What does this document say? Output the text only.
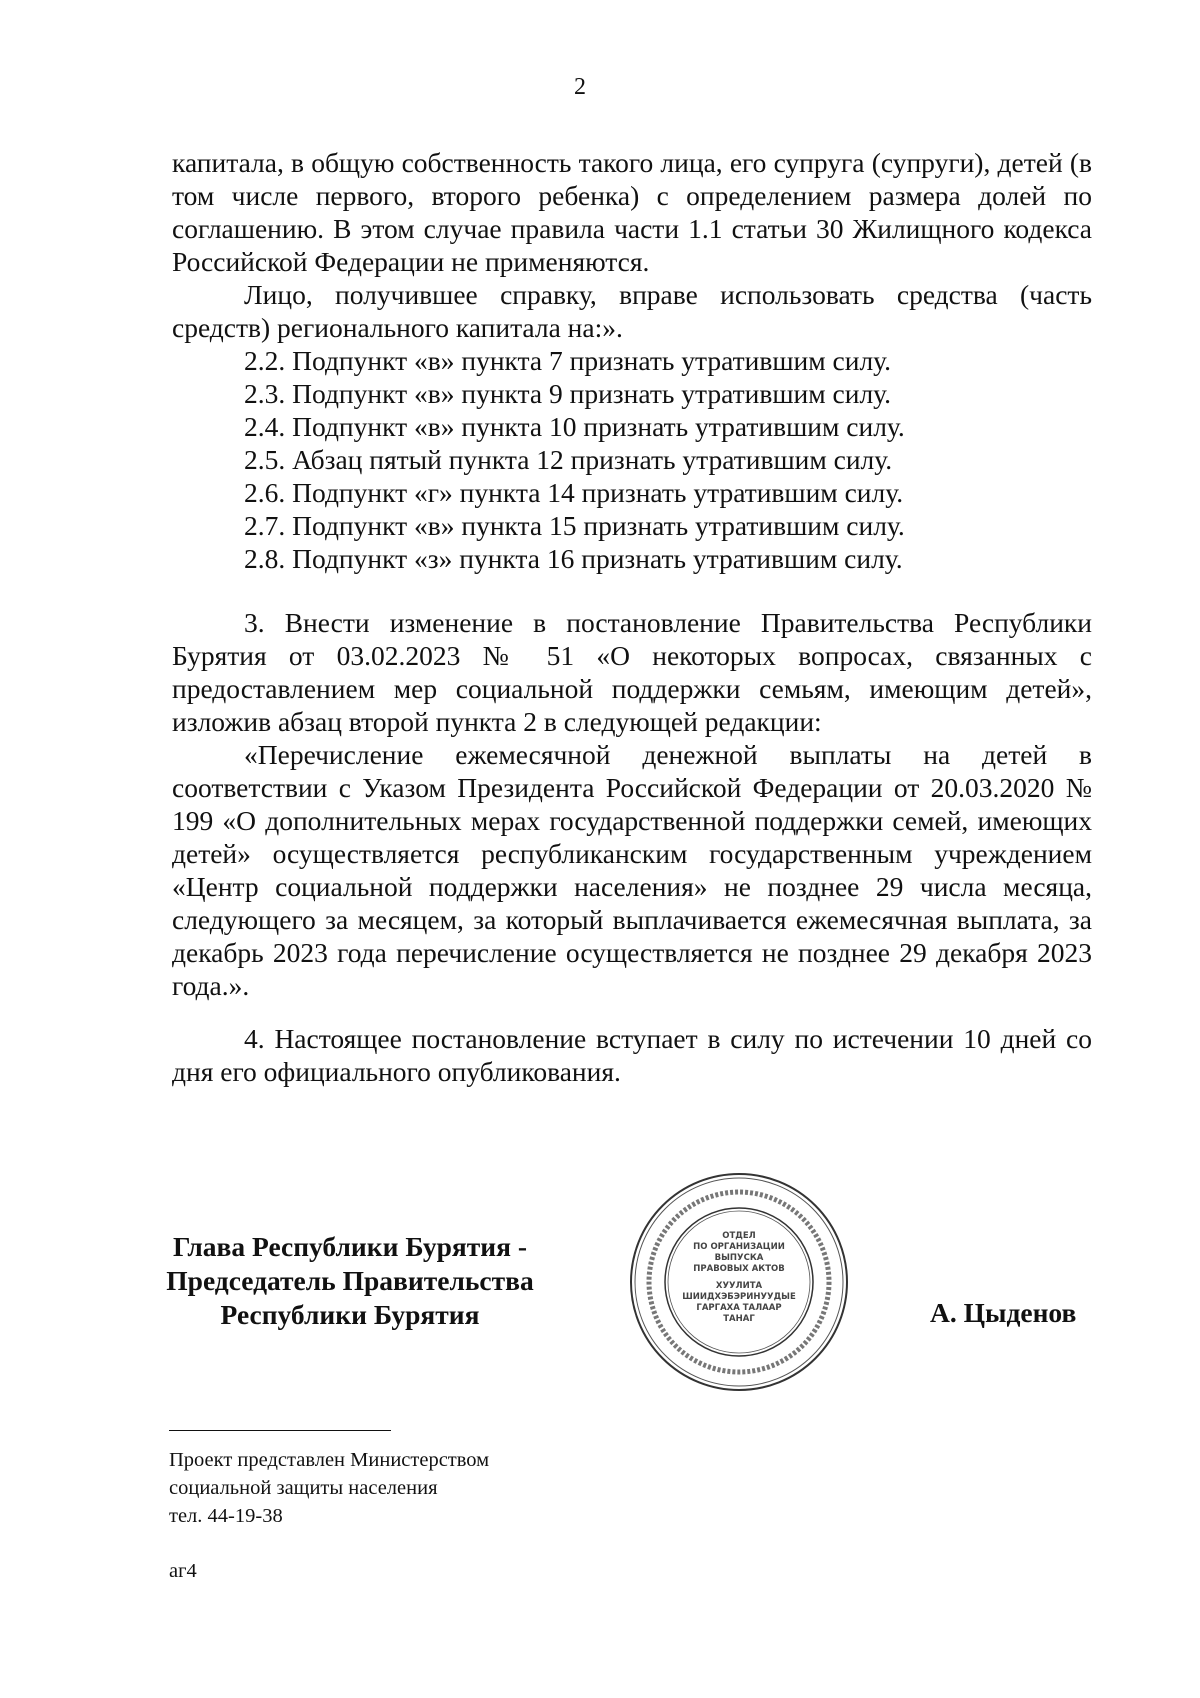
2

капитала, в общую собственность такого лица, его супруга (супруги), детей (в том числе первого, второго ребенка) с определением размера долей по соглашению. В этом случае правила части 1.1 статьи 30 Жилищного кодекса Российской Федерации не применяются.

Лицо, получившее справку, вправе использовать средства (часть средств) регионального капитала на:».

2.2. Подпункт «в» пункта 7 признать утратившим силу.

2.3. Подпункт «в» пункта 9 признать утратившим силу.

2.4. Подпункт «в» пункта 10 признать утратившим силу.

2.5. Абзац пятый пункта 12 признать утратившим силу.

2.6. Подпункт «г» пункта 14 признать утратившим силу.

2.7. Подпункт «в» пункта 15 признать утратившим силу.

2.8. Подпункт «з» пункта 16 признать утратившим силу.

3. Внести изменение в постановление Правительства Республики Бурятия от 03.02.2023 № 51 «О некоторых вопросах, связанных с предоставлением мер социальной поддержки семьям, имеющим детей», изложив абзац второй пункта 2 в следующей редакции:

«Перечисление ежемесячной денежной выплаты на детей в соответствии с Указом Президента Российской Федерации от 20.03.2020 № 199 «О дополнительных мерах государственной поддержки семей, имеющих детей» осуществляется республиканским государственным учреждением «Центр социальной поддержки населения» не позднее 29 числа месяца, следующего за месяцем, за который выплачивается ежемесячная выплата, за декабрь 2023 года перечисление осуществляется не позднее 29 декабря 2023 года.».

4. Настоящее постановление вступает в силу по истечении 10 дней со дня его официального опубликования.

Глава Республики Бурятия -
Председатель Правительства
Республики Бурятия
ОТДЕЛ
ПО ОРГАНИЗАЦИИ
ВЫПУСКА
ПРАВОВЫХ АКТОВ
ХУУЛИТА
ШИИДХЭБЭРИНУУДЫЕ
ГАРГАХА ТАЛААР
ТАНАГ	А. Цыденов
Проект представлен Министерством
социальной защиты населения
тел. 44-19-38
аг4
